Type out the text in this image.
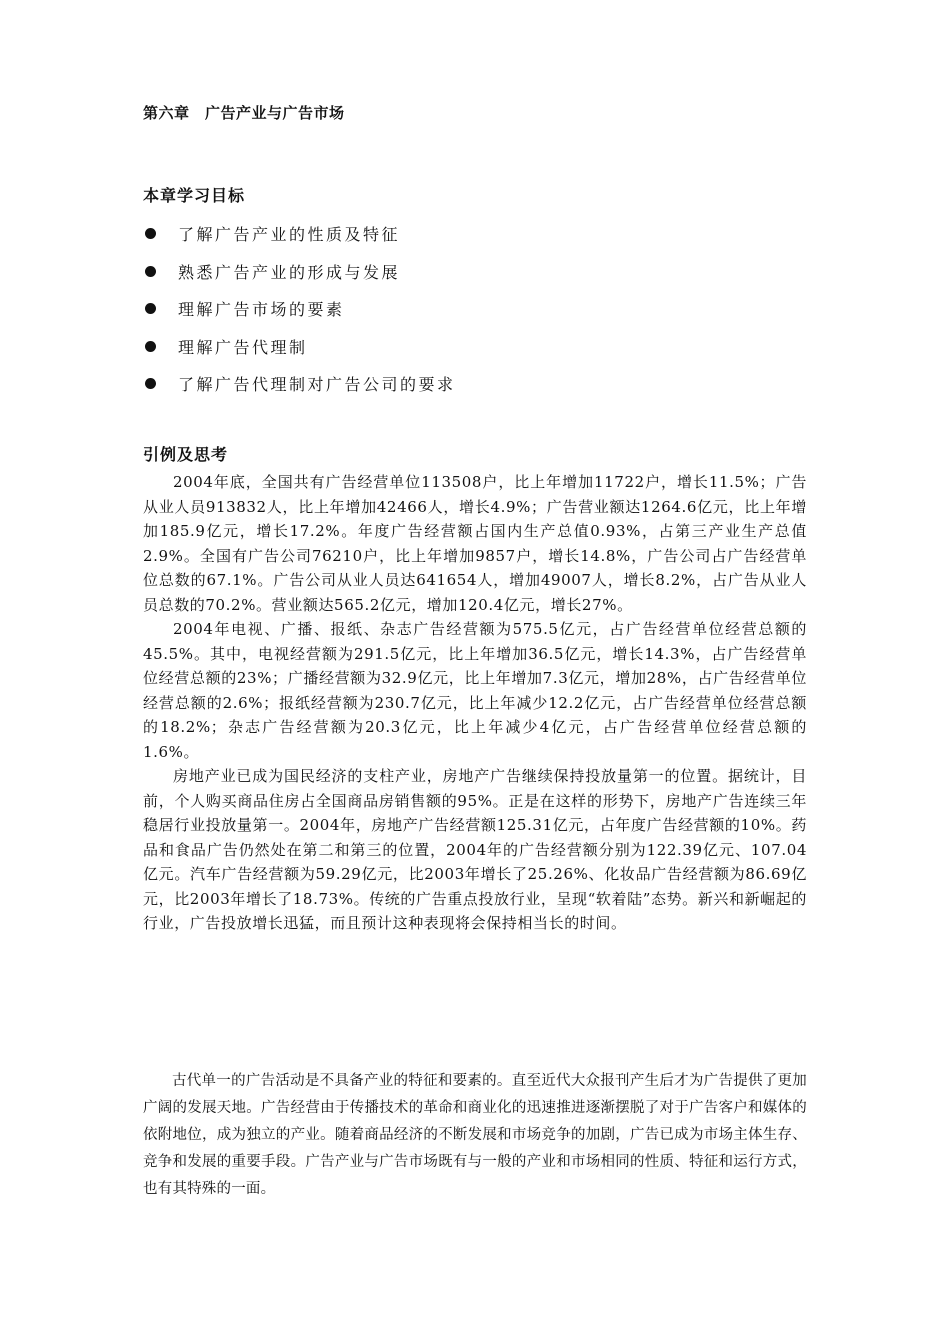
第六章　广告产业与广告市场
本章学习目标
了解广告产业的性质及特征
熟悉广告产业的形成与发展
理解广告市场的要素
理解广告代理制
了解广告代理制对广告公司的要求
引例及思考

2004年底，全国共有广告经营单位113508户，比上年增加11722户，增长11.5%；广告从业人员913832人，比上年增加42466人，增长4.9%；广告营业额达1264.6亿元，比上年增加185.9亿元，增长17.2%。年度广告经营额占国内生产总值0.93%，占第三产业生产总值2.9%。全国有广告公司76210户，比上年增加9857户，增长14.8%，广告公司占广告经营单位总数的67.1%。广告公司从业人员达641654人，增加49007人，增长8.2%，占广告从业人员总数的70.2%。营业额达565.2亿元，增加120.4亿元，增长27%。

2004年电视、广播、报纸、杂志广告经营额为575.5亿元，占广告经营单位经营总额的45.5%。其中，电视经营额为291.5亿元，比上年增加36.5亿元，增长14.3%，占广告经营单位经营总额的23%；广播经营额为32.9亿元，比上年增加7.3亿元，增加28%，占广告经营单位经营总额的2.6%；报纸经营额为230.7亿元，比上年减少12.2亿元，占广告经营单位经营总额的18.2%；杂志广告经营额为20.3亿元，比上年减少4亿元，占广告经营单位经营总额的1.6%。

房地产业已成为国民经济的支柱产业，房地产广告继续保持投放量第一的位置。据统计，目前，个人购买商品住房占全国商品房销售额的95%。正是在这样的形势下，房地产广告连续三年稳居行业投放量第一。2004年，房地产广告经营额125.31亿元，占年度广告经营额的10%。药品和食品广告仍然处在第二和第三的位置，2004年的广告经营额分别为122.39亿元、107.04亿元。汽车广告经营额为59.29亿元，比2003年增长了25.26%、化妆品广告经营额为86.69亿元，比2003年增长了18.73%。传统的广告重点投放行业，呈现“软着陆”态势。新兴和新崛起的行业，广告投放增长迅猛，而且预计这种表现将会保持相当长的时间。

古代单一的广告活动是不具备产业的特征和要素的。直至近代大众报刊产生后才为广告提供了更加广阔的发展天地。广告经营由于传播技术的革命和商业化的迅速推进逐渐摆脱了对于广告客户和媒体的依附地位，成为独立的产业。随着商品经济的不断发展和市场竞争的加剧，广告已成为市场主体生存、竞争和发展的重要手段。广告产业与广告市场既有与一般的产业和市场相同的性质、特征和运行方式，也有其特殊的一面。
